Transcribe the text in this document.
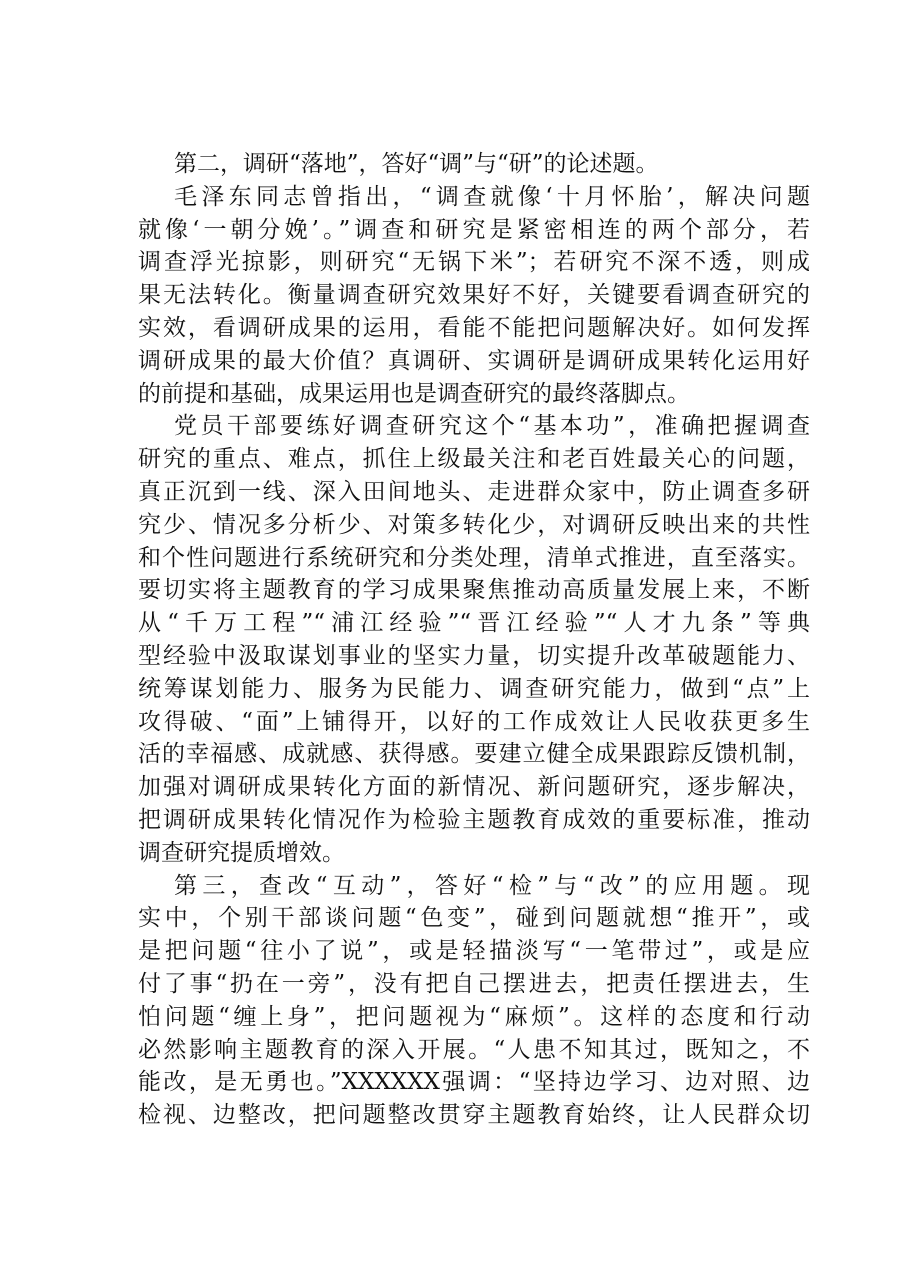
第二，调研“落地”，答好“调”与“研”的论述题。
毛泽东同志曾指出，“调查就像‘十月怀胎’，解决问题
就像‘一朝分娩’。”调查和研究是紧密相连的两个部分，若
调查浮光掠影，则研究“无锅下米”；若研究不深不透，则成
果无法转化。衡量调查研究效果好不好，关键要看调查研究的
实效，看调研成果的运用，看能不能把问题解决好。如何发挥
调研成果的最大价值？真调研、实调研是调研成果转化运用好
的前提和基础，成果运用也是调查研究的最终落脚点。
党员干部要练好调查研究这个“基本功”，准确把握调查
研究的重点、难点，抓住上级最关注和老百姓最关心的问题，
真正沉到一线、深入田间地头、走进群众家中，防止调查多研
究少、情况多分析少、对策多转化少，对调研反映出来的共性
和个性问题进行系统研究和分类处理，清单式推进，直至落实。
要切实将主题教育的学习成果聚焦推动高质量发展上来，不断
从“千万工程”“浦江经验”“晋江经验”“人才九条”等典
型经验中汲取谋划事业的坚实力量，切实提升改革破题能力、
统筹谋划能力、服务为民能力、调查研究能力，做到“点”上
攻得破、“面”上铺得开，以好的工作成效让人民收获更多生
活的幸福感、成就感、获得感。要建立健全成果跟踪反馈机制，
加强对调研成果转化方面的新情况、新问题研究，逐步解决，
把调研成果转化情况作为检验主题教育成效的重要标准，推动
调查研究提质增效。
第三，查改“互动”，答好“检”与“改”的应用题。现
实中，个别干部谈问题“色变”，碰到问题就想“推开”，或
是把问题“往小了说”，或是轻描淡写“一笔带过”，或是应
付了事“扔在一旁”，没有把自己摆进去，把责任摆进去，生
怕问题“缠上身”，把问题视为“麻烦”。这样的态度和行动
必然影响主题教育的深入开展。“人患不知其过，既知之，不
能改，是无勇也。”XXXXXX强调：“坚持边学习、边对照、边
检视、边整改，把问题整改贯穿主题教育始终，让人民群众切
